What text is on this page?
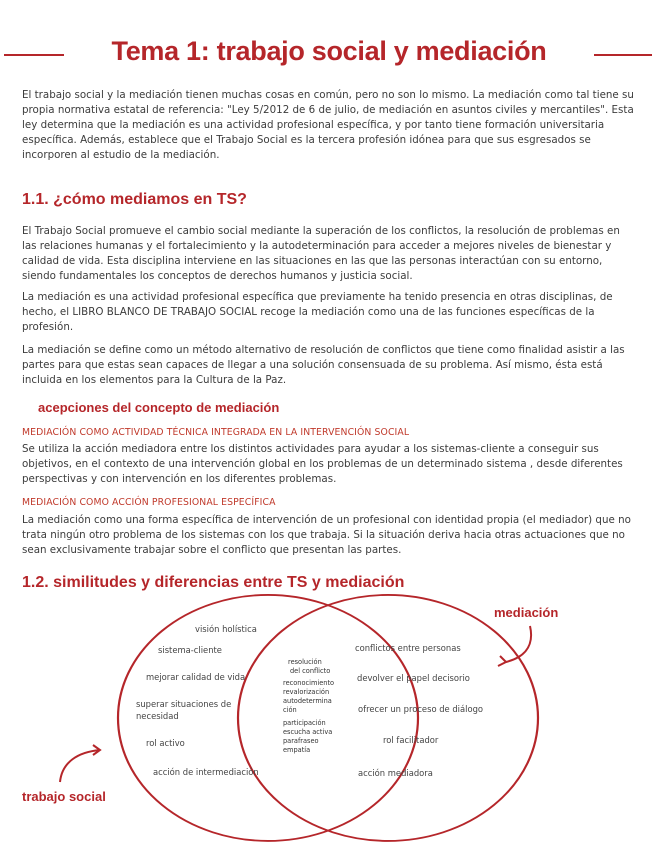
Tema 1: trabajo social y mediación
El trabajo social y la mediación tienen muchas cosas en común, pero no son lo mismo. La mediación como tal tiene su propia normativa estatal de referencia: "Ley 5/2012 de 6 de julio, de mediación en asuntos civiles y mercantiles". Esta ley determina que la mediación es una actividad profesional específica, y por tanto tiene formación universitaria específica. Además, establece que el Trabajo Social es la tercera profesión idónea para que sus esgresados se incorporen al estudio de la mediación.
1.1. ¿cómo mediamos en TS?
El Trabajo Social promueve el cambio social mediante la superación de los conflictos, la resolución de problemas en las relaciones humanas y el fortalecimiento y la autodeterminación para acceder a mejores niveles de bienestar y calidad de vida. Esta disciplina interviene en las situaciones en las que las personas interactúan con su entorno, siendo fundamentales los conceptos de derechos humanos y justicia social.
La mediación es una actividad profesional específica que previamente ha tenido presencia en otras disciplinas, de hecho, el LIBRO BLANCO DE TRABAJO SOCIAL recoge la mediación como una de las funciones específicas de la profesión.
La mediación se define como un método alternativo de resolución de conflictos que tiene como finalidad asistir a las partes para que estas sean capaces de llegar a una solución consensuada de su problema. Así mismo, ésta está incluida en los elementos para la Cultura de la Paz.
acepciones del concepto de mediación
MEDIACIÓN COMO ACTIVIDAD TÉCNICA INTEGRADA EN LA INTERVENCIÓN SOCIAL
Se utiliza la acción mediadora entre los distintos actividades para ayudar a los sistemas-cliente a conseguir sus objetivos, en el contexto de una intervención global en los problemas de un determinado sistema , desde diferentes perspectivas y con intervención en los diferentes problemas.
MEDIACIÓN COMO ACCIÓN PROFESIONAL ESPECÍFICA
La mediación como una forma específica de intervención de un profesional con identidad propia (el mediador) que no trata ningún otro problema de los sistemas con los que trabaja. Si la situación deriva hacia otras actuaciones que no sean exclusivamente trabajar sobre el conflicto que presentan las partes.
1.2. similitudes y diferencias entre TS y mediación
visión holística
sistema-cliente
mejorar calidad de vida
superar situaciones de
necesidad
rol activo
acción de intermediación
resolución
del conflicto
reconocimiento
revalorización
autodetermina
ción
participación
escucha activa
parafraseo
empatía
conflictos entre personas
devolver el papel decisorio
ofrecer un proceso de diálogo
rol facilitador
acción mediadora
mediación
trabajo social
